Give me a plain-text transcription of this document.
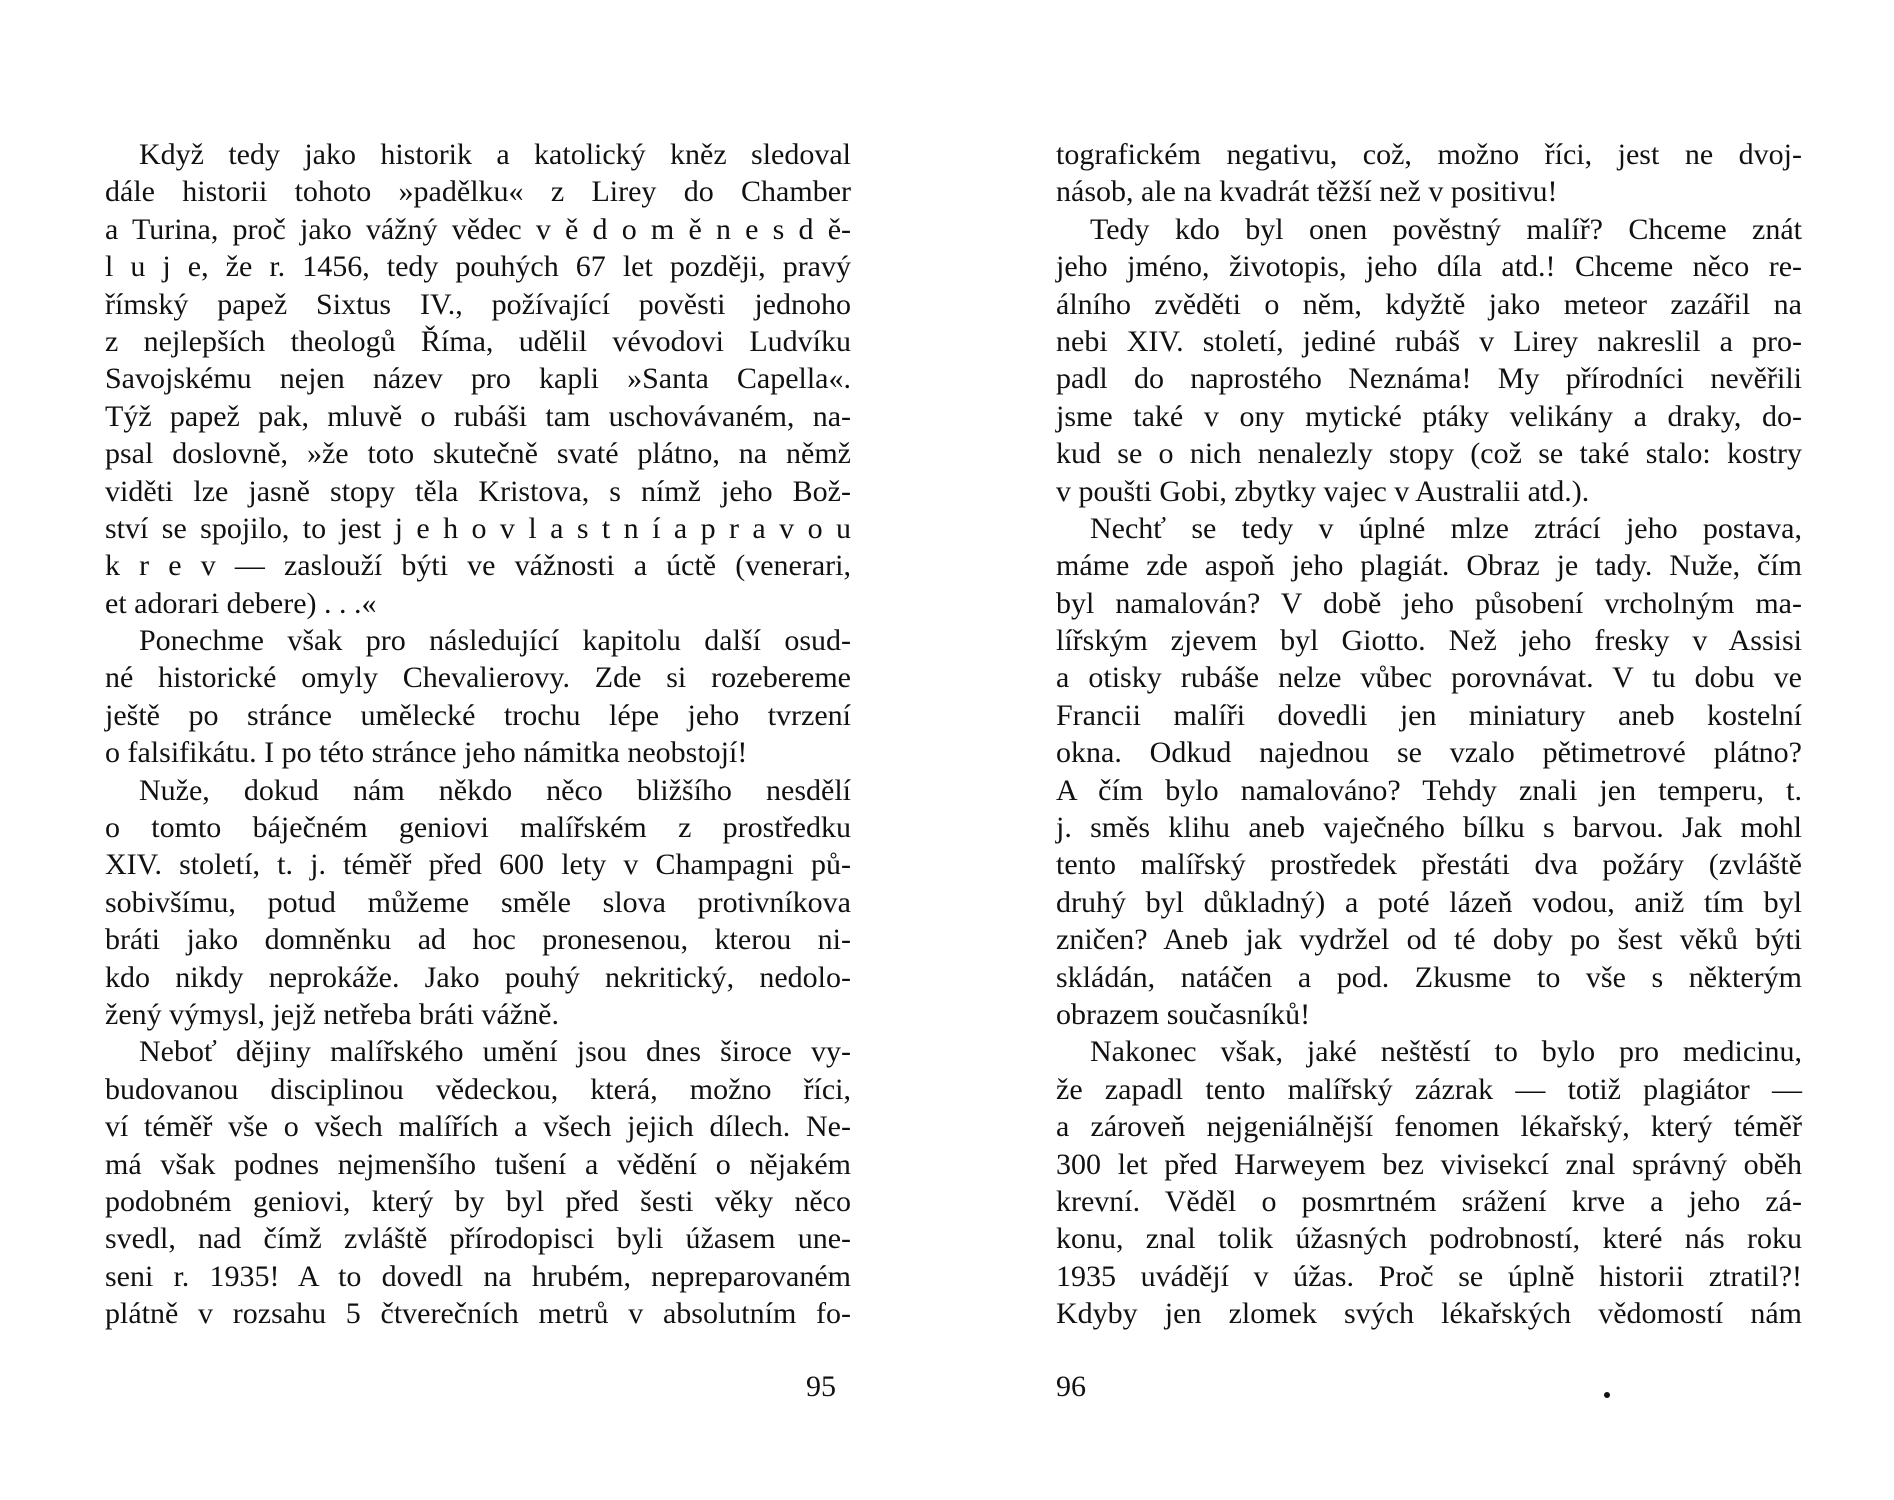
Když tedy jako historik a katolický kněz sledoval
dále historii tohoto »padělku« z Lirey do Chamber
a Turina, proč jako vážný vědec v ě d o m ě n e s d ě-
l u j e, že r. 1456, tedy pouhých 67 let později, pravý
římský papež Sixtus IV., požívající pověsti jednoho
z nejlepších theologů Říma, udělil vévodovi Ludvíku
Savojskému nejen název pro kapli »Santa Capella«.
Týž papež pak, mluvě o rubáši tam uschovávaném, na-
psal doslovně, »že toto skutečně svaté plátno, na němž
viděti lze jasně stopy těla Kristova, s nímž jeho Bož-
ství se spojilo, to jest j e h o v l a s t n í a p r a v o u
k r e v — zaslouží býti ve vážnosti a úctě (venerari,
et adorari debere) . . .«
Ponechme však pro následující kapitolu další osud-
né historické omyly Chevalierovy. Zde si rozebereme
ještě po stránce umělecké trochu lépe jeho tvrzení
o falsifikátu. I po této stránce jeho námitka neobstojí!
Nuže, dokud nám někdo něco bližšího nesdělí
o tomto báječném geniovi malířském z prostředku
XIV. století, t. j. téměř před 600 lety v Champagni pů-
sobivšímu, potud můžeme směle slova protivníkova
bráti jako domněnku ad hoc pronesenou, kterou ni-
kdo nikdy neprokáže. Jako pouhý nekritický, nedolo-
žený výmysl, jejž netřeba bráti vážně.
Neboť dějiny malířského umění jsou dnes široce vy-
budovanou disciplinou vědeckou, která, možno říci,
ví téměř vše o všech malířích a všech jejich dílech. Ne-
má však podnes nejmenšího tušení a vědění o nějakém
podobném geniovi, který by byl před šesti věky něco
svedl, nad čímž zvláště přírodopisci byli úžasem une-
seni r. 1935! A to dovedl na hrubém, nepreparovaném
plátně v rozsahu 5 čtverečních metrů v absolutním fo-
tografickém negativu, což, možno říci, jest ne dvoj-
násob, ale na kvadrát těžší než v positivu!
Tedy kdo byl onen pověstný malíř? Chceme znát
jeho jméno, životopis, jeho díla atd.! Chceme něco re-
álního zvěděti o něm, kdyžtě jako meteor zazářil na
nebi XIV. století, jediné rubáš v Lirey nakreslil a pro-
padl do naprostého Neznáma! My přírodníci nevěřili
jsme také v ony mytické ptáky velikány a draky, do-
kud se o nich nenalezly stopy (což se také stalo: kostry
v poušti Gobi, zbytky vajec v Australii atd.).
Nechť se tedy v úplné mlze ztrácí jeho postava,
máme zde aspoň jeho plagiát. Obraz je tady. Nuže, čím
byl namalován? V době jeho působení vrcholným ma-
lířským zjevem byl Giotto. Než jeho fresky v Assisi
a otisky rubáše nelze vůbec porovnávat. V tu dobu ve
Francii malíři dovedli jen miniatury aneb kostelní
okna. Odkud najednou se vzalo pětimetrové plátno?
A čím bylo namalováno? Tehdy znali jen temperu, t.
j. směs klihu aneb vaječného bílku s barvou. Jak mohl
tento malířský prostředek přestáti dva požáry (zvláště
druhý byl důkladný) a poté lázeň vodou, aniž tím byl
zničen? Aneb jak vydržel od té doby po šest věků býti
skládán, natáčen a pod. Zkusme to vše s některým
obrazem současníků!
Nakonec však, jaké neštěstí to bylo pro medicinu,
že zapadl tento malířský zázrak — totiž plagiátor —
a zároveň nejgeniálnější fenomen lékařský, který téměř
300 let před Harweyem bez vivisekcí znal správný oběh
krevní. Věděl o posmrtném srážení krve a jeho zá-
konu, znal tolik úžasných podrobností, které nás roku
1935 uvádějí v úžas. Proč se úplně historii ztratil?!
Kdyby jen zlomek svých lékařských vědomostí nám
95	96
